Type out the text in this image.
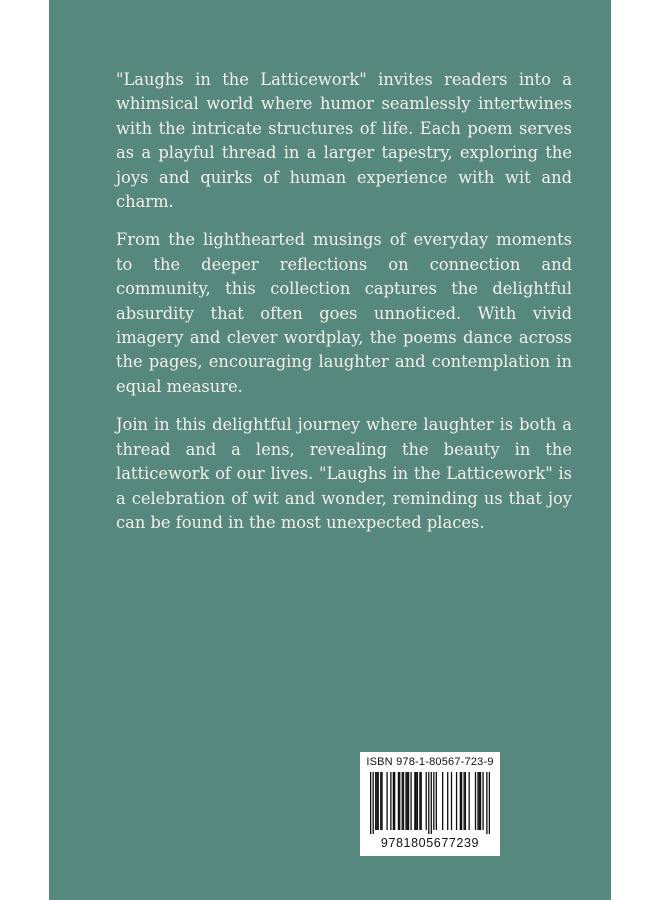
"Laughs in the Latticework" invites readers into a whimsical world where humor seamlessly intertwines with the intricate structures of life. Each poem serves as a playful thread in a larger tapestry, exploring the joys and quirks of human experience with wit and charm.

From the lighthearted musings of everyday moments to the deeper reflections on connection and community, this collection captures the delightful absurdity that often goes unnoticed. With vivid imagery and clever wordplay, the poems dance across the pages, encouraging laughter and contemplation in equal measure.

Join in this delightful journey where laughter is both a thread and a lens, revealing the beauty in the latticework of our lives. "Laughs in the Latticework" is a celebration of wit and wonder, reminding us that joy can be found in the most unexpected places.

ISBN 978-1-80567-723-9
9781805677239
